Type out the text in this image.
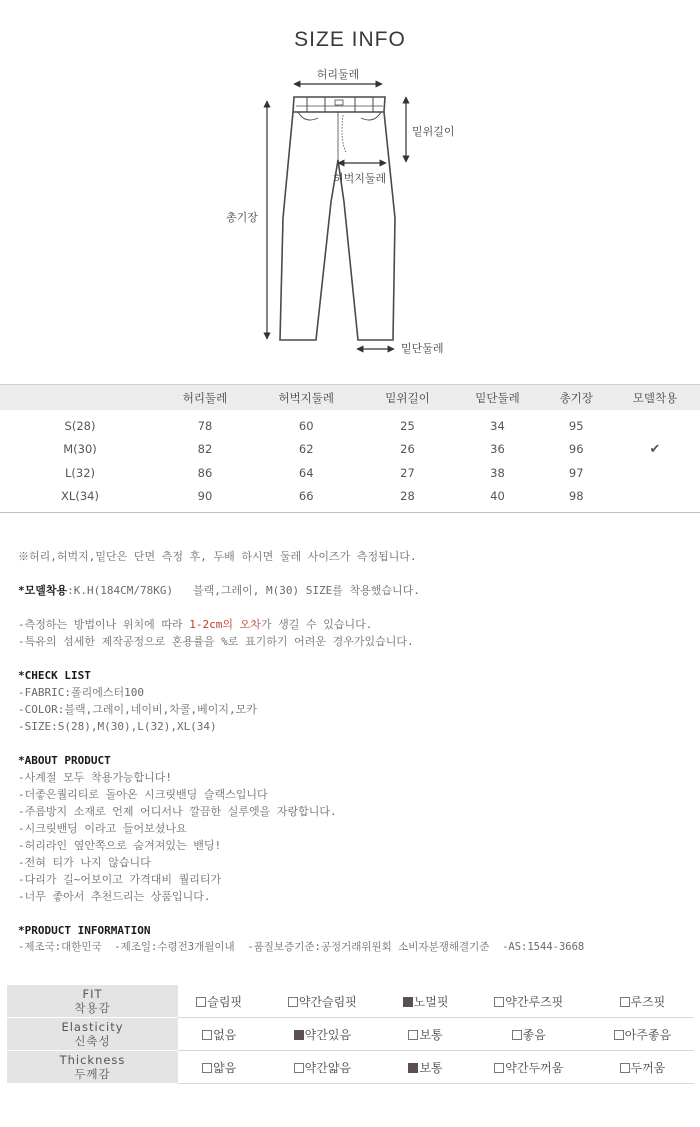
SIZE INFO
허리둘레
밑위길이
허벅지둘레
총기장
밑단둘레
	허리둘레	허벅지둘레	밑위길이	밑단둘레	총기장	모델착용
S(28)	78	60	25	34	95	
M(30)	82	62	26	36	96	✔
L(32)	86	64	27	38	97	
XL(34)	90	66	28	40	98	

※허리,허벅지,밑단은 단면 측정 후, 두배 하시면 둘레 사이즈가 측정됩니다.

*모델착용:K.H(184CM/78KG)   블랙,그레이, M(30) SIZE를 착용했습니다.

-측정하는 방법이나 위치에 따라 1-2cm의 오차가 생길 수 있습니다.

-특유의 섬세한 제작공정으로 혼용률을 %로 표기하기 어려운 경우가있습니다.

*CHECK LIST

-FABRIC:폴리에스터100

-COLOR:블랙,그레이,네이비,차콜,베이지,모카

-SIZE:S(28),M(30),L(32),XL(34)

*ABOUT PRODUCT

-사계절 모두 착용가능합니다!

-더좋은퀄리티로 돌아온 시크릿밴딩 슬랙스입니다

-주름방지 소재로 언제 어디서나 깔끔한 실루엣을 자랑합니다.

-시크릿밴딩 이라고 들어보셨나요

-허리라인 옆안쪽으로 숨겨져있는 밴딩!

-전혀 티가 나지 않습니다

-다리가 길~어보이고 가격대비 퀄리티가

-너무 좋아서 추천드리는 상품입니다.

*PRODUCT INFORMATION

-제조국:대한민국  -제조일:수령전3개월이내  -품질보증기준:공정거래위원회 소비자분쟁해결기준  -AS:1544-3668

FIT
착용감	슬림핏	약간슬림핏	노멀핏	약간루즈핏	루즈핏
Elasticity
신축성	없음	약간있음	보통	좋음	아주좋음
Thickness
두께감	얇음	약간얇음	보통	약간두꺼움	두꺼움
